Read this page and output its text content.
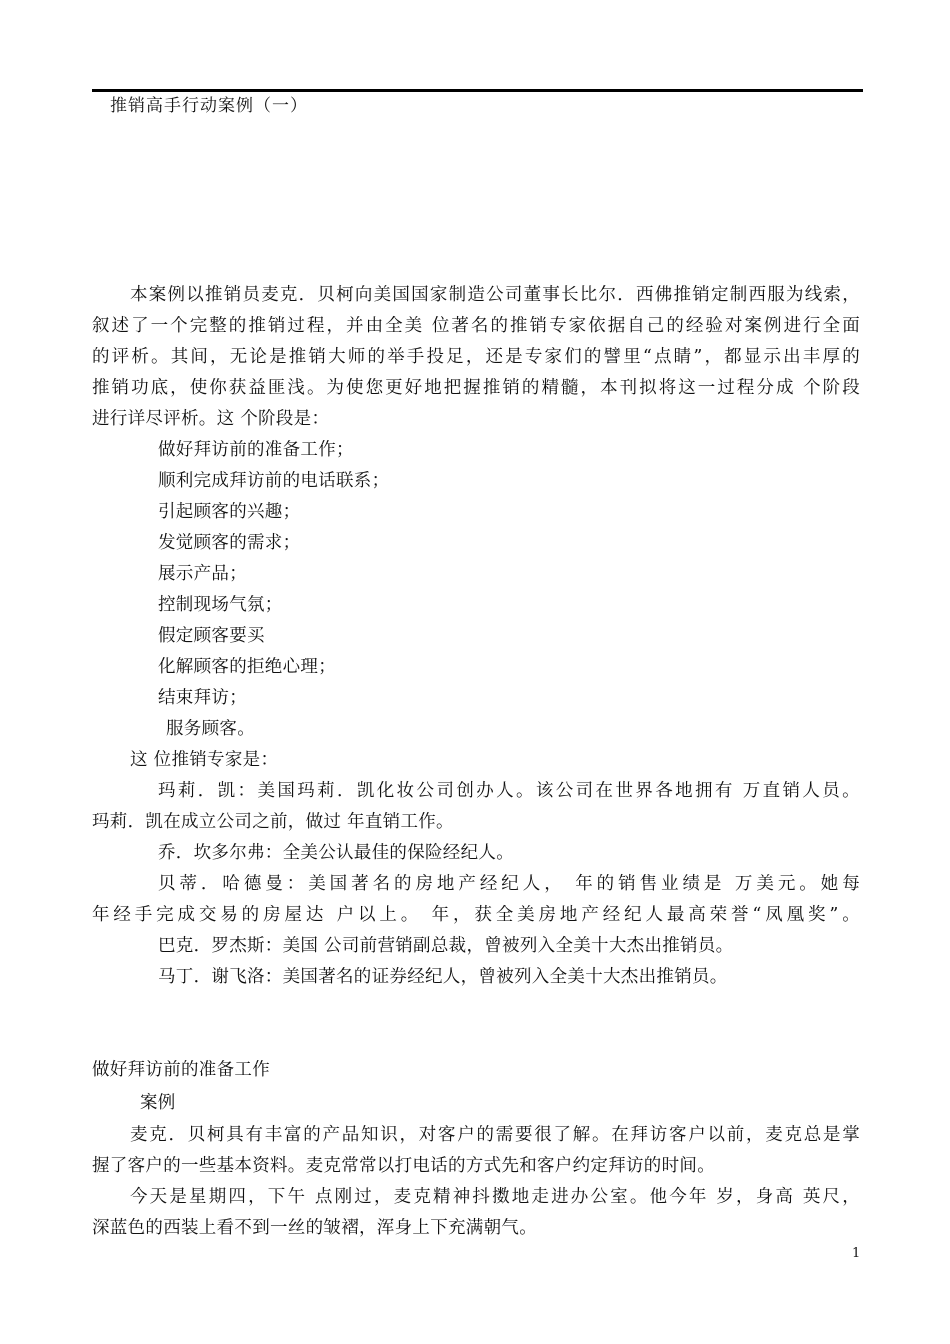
推销高手行动案例（一）
本案例以推销员麦克．贝柯向美国国家制造公司董事长比尔．西佛推销定制西服为线索，
叙述了一个完整的推销过程，并由全美 位著名的推销专家依据自己的经验对案例进行全面
的评析。其间，无论是推销大师的举手投足，还是专家们的譬里“点睛”，都显示出丰厚的
推销功底，使你获益匪浅。为使您更好地把握推销的精髓，本刊拟将这一过程分成 个阶段
进行详尽评析。这 个阶段是：
做好拜访前的准备工作；
顺利完成拜访前的电话联系；
引起顾客的兴趣；
发觉顾客的需求；
展示产品；
控制现场气氛；
假定顾客要买
化解顾客的拒绝心理；
结束拜访；
服务顾客。
这 位推销专家是：
玛莉．凯：美国玛莉．凯化妆公司创办人。该公司在世界各地拥有 万直销人员。
玛莉．凯在成立公司之前，做过 年直销工作。
乔．坎多尔弗：全美公认最佳的保险经纪人。
贝蒂．哈德曼：美国著名的房地产经纪人， 年的销售业绩是 万美元。她每
年经手完成交易的房屋达 户以上。 年，获全美房地产经纪人最高荣誉“凤凰奖”。
巴克．罗杰斯：美国 公司前营销副总裁，曾被列入全美十大杰出推销员。
马丁．谢飞洛：美国著名的证券经纪人，曾被列入全美十大杰出推销员。
做好拜访前的准备工作
案例
麦克．贝柯具有丰富的产品知识，对客户的需要很了解。在拜访客户以前，麦克总是掌
握了客户的一些基本资料。麦克常常以打电话的方式先和客户约定拜访的时间。
今天是星期四，下午 点刚过，麦克精神抖擞地走进办公室。他今年 岁，身高 英尺，
深蓝色的西装上看不到一丝的皱褶，浑身上下充满朝气。
1
